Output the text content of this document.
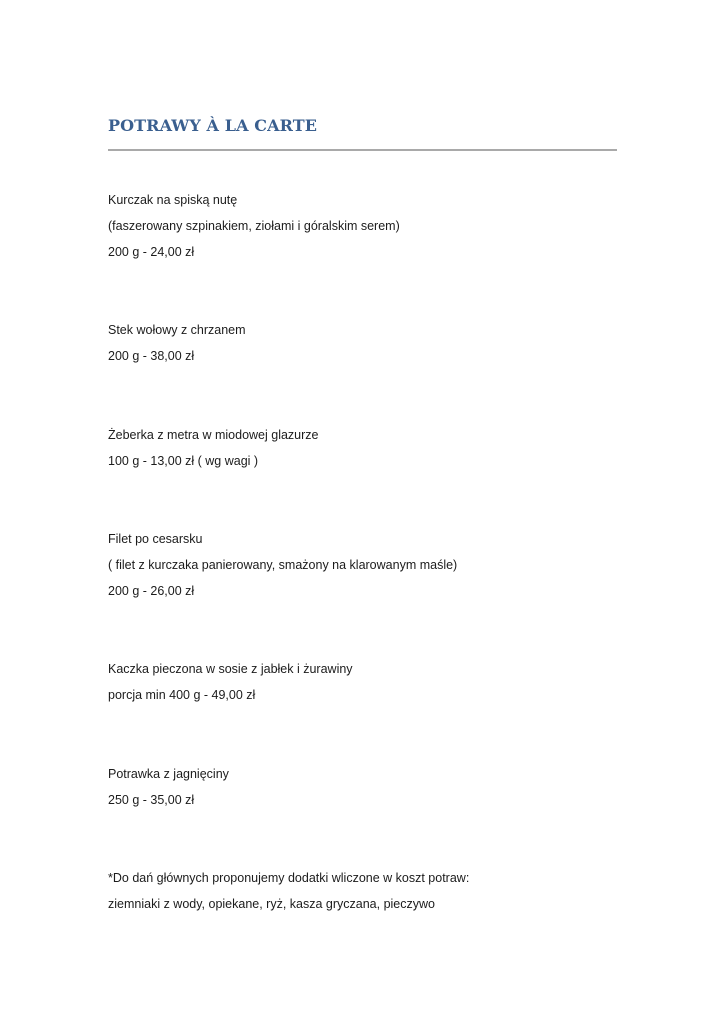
POTRAWY À LA CARTE

Kurczak na spiską nutę

(faszerowany szpinakiem, ziołami i góralskim serem)

200 g - 24,00 zł

Stek wołowy z chrzanem

200 g - 38,00 zł

Żeberka z metra w miodowej glazurze

100 g - 13,00 zł ( wg wagi )

Filet po cesarsku

( filet z kurczaka panierowany, smażony na klarowanym maśle)

200 g - 26,00 zł

Kaczka pieczona w sosie z jabłek i żurawiny

porcja min 400 g - 49,00 zł

Potrawka z jagnięciny

250 g - 35,00 zł

*Do dań głównych proponujemy dodatki wliczone w koszt potraw:

ziemniaki z wody, opiekane, ryż, kasza gryczana, pieczywo
